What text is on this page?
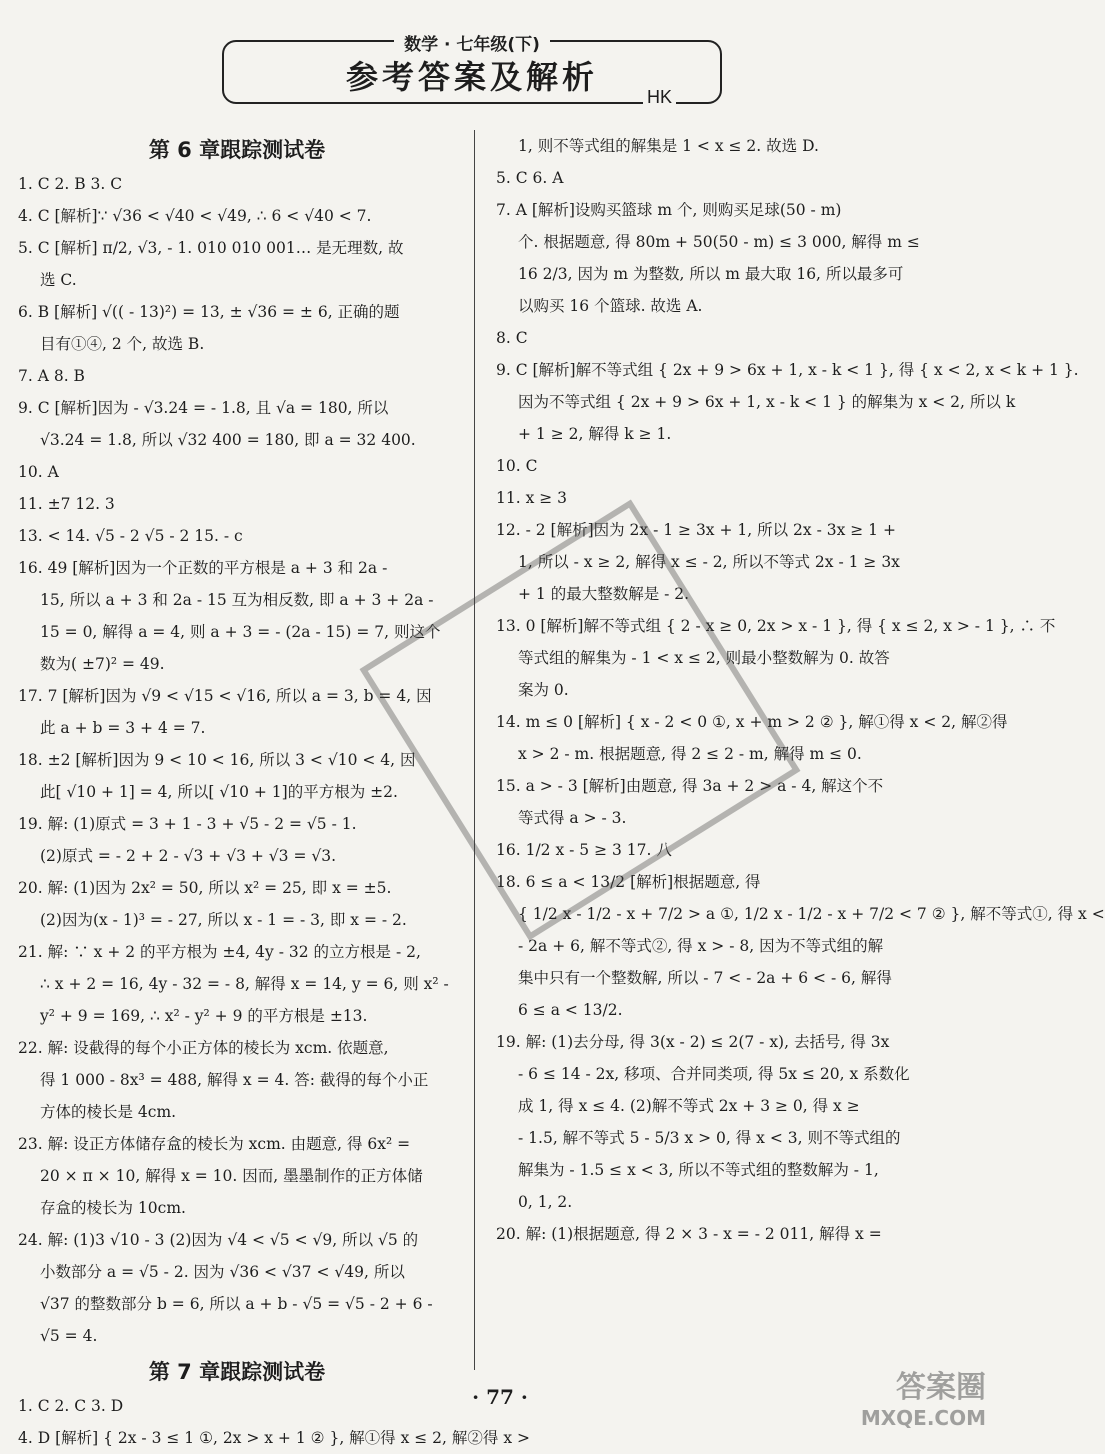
数学 · 七年级(下)
参考答案及解析
HK
第 6 章跟踪测试卷
1. C 2. B 3. C
4. C [解析]∵ √36 < √40 < √49, ∴ 6 < √40 < 7.
5. C [解析] π/2, √3, - 1. 010 010 001… 是无理数, 故
选 C.
6. B [解析] √(( - 13)²) = 13, ± √36 = ± 6, 正确的题
目有①④, 2 个, 故选 B.
7. A 8. B
9. C [解析]因为 - √3.24 = - 1.8, 且 √a = 180, 所以
√3.24 = 1.8, 所以 √32 400 = 180, 即 a = 32 400.
10. A
11. ±7 12. 3
13. < 14. √5 - 2 √5 - 2 15. - c
16. 49 [解析]因为一个正数的平方根是 a + 3 和 2a -
15, 所以 a + 3 和 2a - 15 互为相反数, 即 a + 3 + 2a -
15 = 0, 解得 a = 4, 则 a + 3 = - (2a - 15) = 7, 则这个
数为( ±7)² = 49.
17. 7 [解析]因为 √9 < √15 < √16, 所以 a = 3, b = 4, 因
此 a + b = 3 + 4 = 7.
18. ±2 [解析]因为 9 < 10 < 16, 所以 3 < √10 < 4, 因
此[ √10 + 1] = 4, 所以[ √10 + 1]的平方根为 ±2.
19. 解: (1)原式 = 3 + 1 - 3 + √5 - 2 = √5 - 1.
(2)原式 = - 2 + 2 - √3 + √3 + √3 = √3.
20. 解: (1)因为 2x² = 50, 所以 x² = 25, 即 x = ±5.
(2)因为(x - 1)³ = - 27, 所以 x - 1 = - 3, 即 x = - 2.
21. 解: ∵ x + 2 的平方根为 ±4, 4y - 32 的立方根是 - 2,
∴ x + 2 = 16, 4y - 32 = - 8, 解得 x = 14, y = 6, 则 x² -
y² + 9 = 169, ∴ x² - y² + 9 的平方根是 ±13.
22. 解: 设截得的每个小正方体的棱长为 xcm. 依题意,
得 1 000 - 8x³ = 488, 解得 x = 4. 答: 截得的每个小正
方体的棱长是 4cm.
23. 解: 设正方体储存盒的棱长为 xcm. 由题意, 得 6x² =
20 × π × 10, 解得 x = 10. 因而, 墨墨制作的正方体储
存盒的棱长为 10cm.
24. 解: (1)3 √10 - 3 (2)因为 √4 < √5 < √9, 所以 √5 的
小数部分 a = √5 - 2. 因为 √36 < √37 < √49, 所以
√37 的整数部分 b = 6, 所以 a + b - √5 = √5 - 2 + 6 -
√5 = 4.
第 7 章跟踪测试卷
1. C 2. C 3. D
4. D [解析] { 2x - 3 ≤ 1 ①, 2x > x + 1 ② }, 解①得 x ≤ 2, 解②得 x >
1, 则不等式组的解集是 1 < x ≤ 2. 故选 D.
5. C 6. A
7. A [解析]设购买篮球 m 个, 则购买足球(50 - m)
个. 根据题意, 得 80m + 50(50 - m) ≤ 3 000, 解得 m ≤
16 2/3, 因为 m 为整数, 所以 m 最大取 16, 所以最多可
以购买 16 个篮球. 故选 A.
8. C
9. C [解析]解不等式组 { 2x + 9 > 6x + 1, x - k < 1 }, 得 { x < 2, x < k + 1 }.
因为不等式组 { 2x + 9 > 6x + 1, x - k < 1 } 的解集为 x < 2, 所以 k
+ 1 ≥ 2, 解得 k ≥ 1.
10. C
11. x ≥ 3
12. - 2 [解析]因为 2x - 1 ≥ 3x + 1, 所以 2x - 3x ≥ 1 +
1, 所以 - x ≥ 2, 解得 x ≤ - 2, 所以不等式 2x - 1 ≥ 3x
+ 1 的最大整数解是 - 2.
13. 0 [解析]解不等式组 { 2 - x ≥ 0, 2x > x - 1 }, 得 { x ≤ 2, x > - 1 }, ∴ 不
等式组的解集为 - 1 < x ≤ 2, 则最小整数解为 0. 故答
案为 0.
14. m ≤ 0 [解析] { x - 2 < 0 ①, x + m > 2 ② }, 解①得 x < 2, 解②得
x > 2 - m. 根据题意, 得 2 ≤ 2 - m, 解得 m ≤ 0.
15. a > - 3 [解析]由题意, 得 3a + 2 > a - 4, 解这个不
等式得 a > - 3.
16. 1/2 x - 5 ≥ 3 17. 八
18. 6 ≤ a < 13/2 [解析]根据题意, 得
{ 1/2 x - 1/2 - x + 7/2 > a ①, 1/2 x - 1/2 - x + 7/2 < 7 ② }, 解不等式①, 得 x <
- 2a + 6, 解不等式②, 得 x > - 8, 因为不等式组的解
集中只有一个整数解, 所以 - 7 < - 2a + 6 < - 6, 解得
6 ≤ a < 13/2.
19. 解: (1)去分母, 得 3(x - 2) ≤ 2(7 - x), 去括号, 得 3x
- 6 ≤ 14 - 2x, 移项、合并同类项, 得 5x ≤ 20, x 系数化
成 1, 得 x ≤ 4. (2)解不等式 2x + 3 ≥ 0, 得 x ≥
- 1.5, 解不等式 5 - 5/3 x > 0, 得 x < 3, 则不等式组的
解集为 - 1.5 ≤ x < 3, 所以不等式组的整数解为 - 1,
0, 1, 2.
20. 解: (1)根据题意, 得 2 × 3 - x = - 2 011, 解得 x =
· 77 ·	答案圈
MXQE.COM
